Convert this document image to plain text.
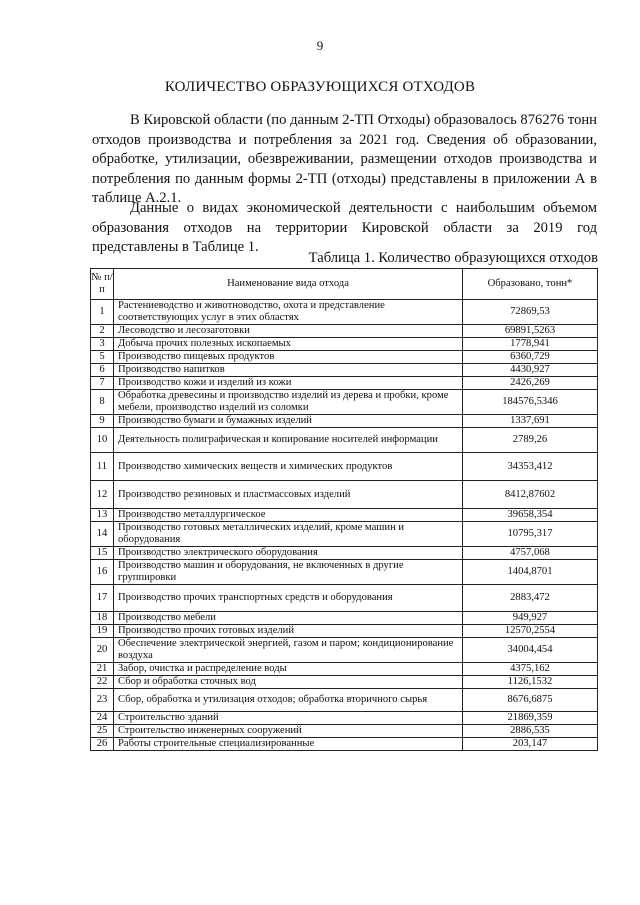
9
КОЛИЧЕСТВО ОБРАЗУЮЩИХСЯ ОТХОДОВ

В Кировской области (по данным 2-ТП Отходы) образовалось 876276 тонн отходов производства и потребления за 2021 год. Сведения об образовании, обработке, утилизации, обезвреживании, размещении отходов производства и потребления по данным формы 2-ТП (отходы) представлены в приложении А в таблице А.2.1.

Данные о видах экономической деятельности с наибольшим объемом образования отходов на территории Кировской области за 2019 год представлены в Таблице 1.

Таблица 1. Количество образующихся отходов
№ п/п	Наименование вида отхода	Образовано, тонн*
1	Растениеводство и животноводство, охота и представление соответствующих услуг в этих областях	72869,53
2	Лесоводство и лесозаготовки	69891,5263
3	Добыча прочих полезных ископаемых	1778,941
5	Производство пищевых продуктов	6360,729
6	Производство напитков	4430,927
7	Производство кожи и изделий из кожи	2426,269
8	Обработка древесины и производство изделий из дерева и пробки, кроме мебели, производство изделий из соломки	184576,5346
9	Производство бумаги и бумажных изделий	1337,691
10	Деятельность полиграфическая и копирование носителей информации	2789,26
11	Производство химических веществ и химических продуктов	34353,412
12	Производство резиновых и пластмассовых изделий	8412,87602
13	Производство металлургическое	39658,354
14	Производство готовых металлических изделий, кроме машин и оборудования	10795,317
15	Производство электрического оборудования	4757,068
16	Производство машин и оборудования, не включенных в другие группировки	1404,8701
17	Производство прочих транспортных средств и оборудования	2883,472
18	Производство мебели	949,927
19	Производство прочих готовых изделий	12570,2554
20	Обеспечение электрической энергией, газом и паром; кондиционирование воздуха	34004,454
21	Забор, очистка и распределение воды	4375,162
22	Сбор и обработка сточных вод	1126,1532
23	Сбор, обработка и утилизация отходов; обработка вторичного сырья	8676,6875
24	Строительство зданий	21869,359
25	Строительство инженерных сооружений	2886,535
26	Работы строительные специализированные	203,147
